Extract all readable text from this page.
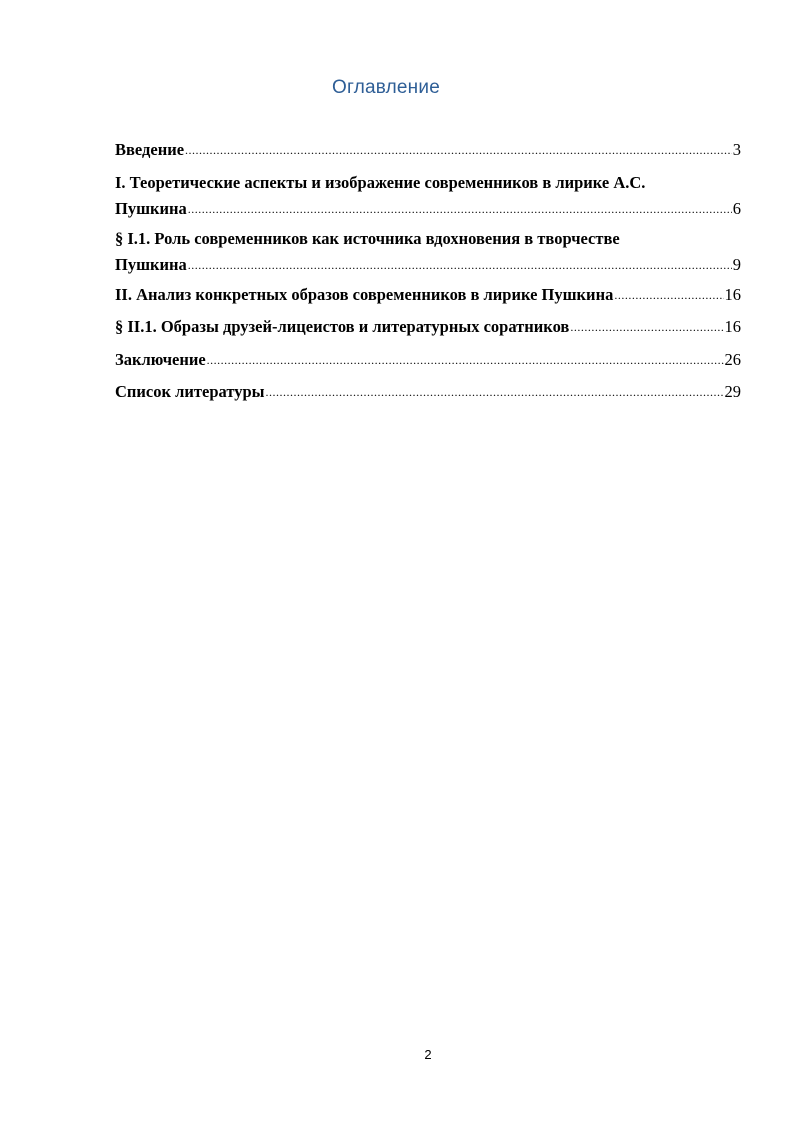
Оглавление
Введение .....	3
I. Теоретические аспекты и изображение современников в лирике А.С.
Пушкина .....	6
§ I.1. Роль современников как источника вдохновения в творчестве
Пушкина .....	9
II. Анализ конкретных образов современников в лирике Пушкина .....	16
§ II.1. Образы друзей-лицеистов и литературных соратников .....	16
Заключение .....	26
Список литературы .....	29
2
